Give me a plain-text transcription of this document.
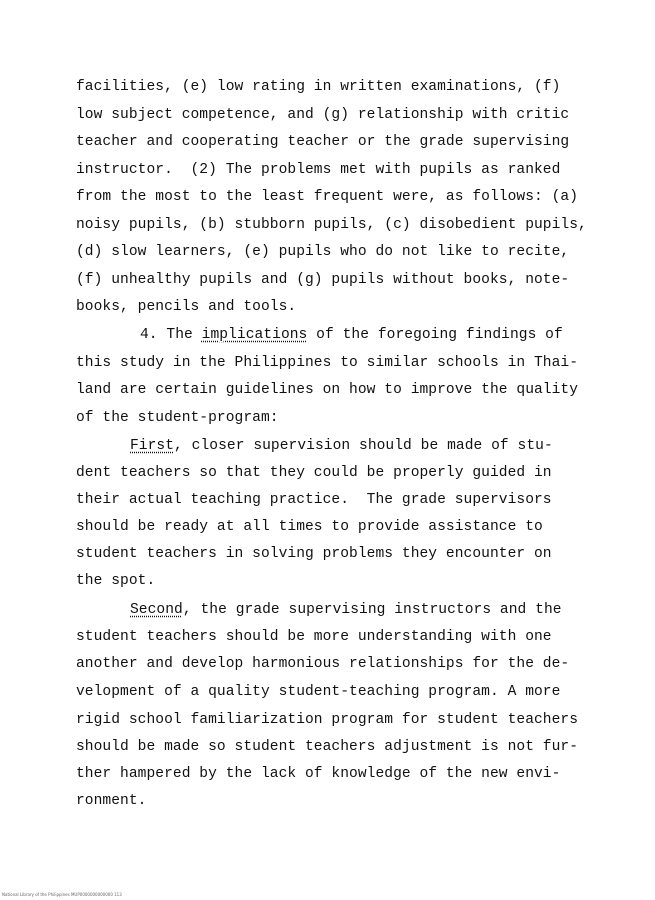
facilities, (e) low rating in written examinations, (f)
low subject competence, and (g) relationship with critic
teacher and cooperating teacher or the grade supervising
instructor.  (2) The problems met with pupils as ranked
from the most to the least frequent were, as follows: (a)
noisy pupils, (b) stubborn pupils, (c) disobedient pupils,
(d) slow learners, (e) pupils who do not like to recite,
(f) unhealthy pupils and (g) pupils without books, note-
books, pencils and tools.
4. The implications of the foregoing findings of
this study in the Philippines to similar schools in Thai-
land are certain guidelines on how to improve the quality
of the student-program:
First, closer supervision should be made of stu-
dent teachers so that they could be properly guided in
their actual teaching practice.  The grade supervisors
should be ready at all times to provide assistance to
student teachers in solving problems they encounter on
the spot.
Second, the grade supervising instructors and the
student teachers should be more understanding with one
another and develop harmonious relationships for the de-
velopment of a quality student-teaching program. A more
rigid school familiarization program for student teachers
should be made so student teachers adjustment is not fur-
ther hampered by the lack of knowledge of the new envi-
ronment.
National Library of the Philippines MUP0000000000000 113
